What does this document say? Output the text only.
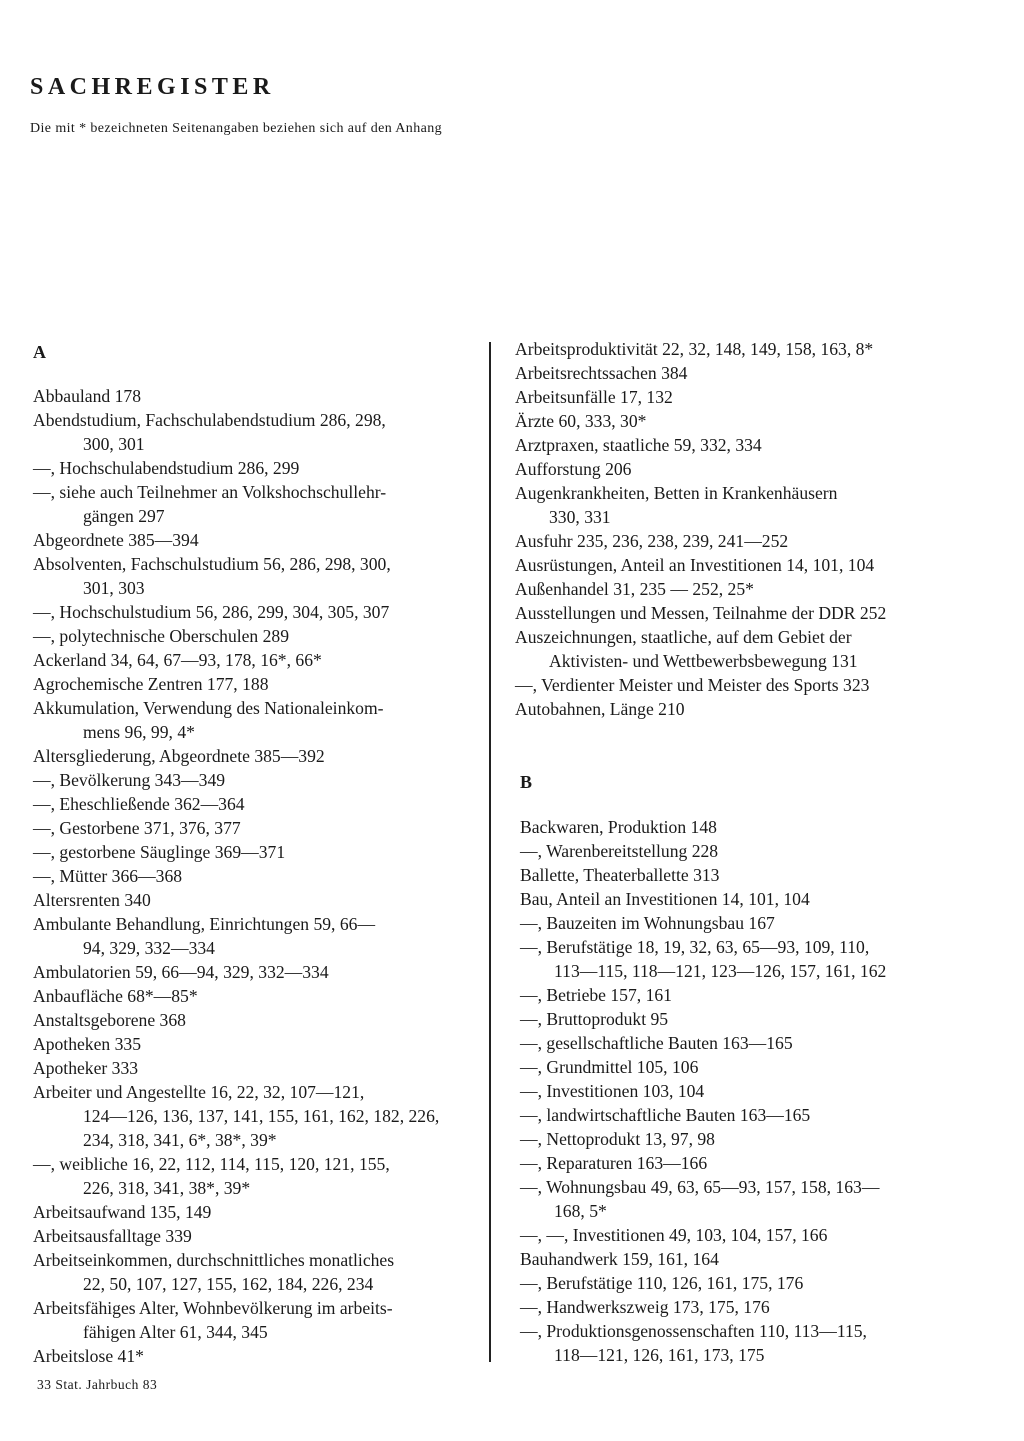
SACHREGISTER
Die mit * bezeichneten Seitenangaben beziehen sich auf den Anhang
A
Abbauland 178
Abendstudium, Fachschulabendstudium 286, 298,
300, 301
—, Hochschulabendstudium 286, 299
—, siehe auch Teilnehmer an Volkshochschullehr-
gängen 297
Abgeordnete 385—394
Absolventen, Fachschulstudium 56, 286, 298, 300,
301, 303
—, Hochschulstudium 56, 286, 299, 304, 305, 307
—, polytechnische Oberschulen 289
Ackerland 34, 64, 67—93, 178, 16*, 66*
Agrochemische Zentren 177, 188
Akkumulation, Verwendung des Nationaleinkom-
mens 96, 99, 4*
Altersgliederung, Abgeordnete 385—392
—, Bevölkerung 343—349
—, Eheschließende 362—364
—, Gestorbene 371, 376, 377
—, gestorbene Säuglinge 369—371
—, Mütter 366—368
Altersrenten 340
Ambulante Behandlung, Einrichtungen 59, 66—
94, 329, 332—334
Ambulatorien 59, 66—94, 329, 332—334
Anbaufläche 68*—85*
Anstaltsgeborene 368
Apotheken 335
Apotheker 333
Arbeiter und Angestellte 16, 22, 32, 107—121,
124—126, 136, 137, 141, 155, 161, 162, 182, 226,
234, 318, 341, 6*, 38*, 39*
—, weibliche 16, 22, 112, 114, 115, 120, 121, 155,
226, 318, 341, 38*, 39*
Arbeitsaufwand 135, 149
Arbeitsausfalltage 339
Arbeitseinkommen, durchschnittliches monatliches
22, 50, 107, 127, 155, 162, 184, 226, 234
Arbeitsfähiges Alter, Wohnbevölkerung im arbeits-
fähigen Alter 61, 344, 345
Arbeitslose 41*
Arbeitsproduktivität 22, 32, 148, 149, 158, 163, 8*
Arbeitsrechtssachen 384
Arbeitsunfälle 17, 132
Ärzte 60, 333, 30*
Arztpraxen, staatliche 59, 332, 334
Aufforstung 206
Augenkrankheiten, Betten in Krankenhäusern
330, 331
Ausfuhr 235, 236, 238, 239, 241—252
Ausrüstungen, Anteil an Investitionen 14, 101, 104
Außenhandel 31, 235 — 252, 25*
Ausstellungen und Messen, Teilnahme der DDR 252
Auszeichnungen, staatliche, auf dem Gebiet der
Aktivisten- und Wettbewerbsbewegung 131
—, Verdienter Meister und Meister des Sports 323
Autobahnen, Länge 210
B
Backwaren, Produktion 148
—, Warenbereitstellung 228
Ballette, Theaterballette 313
Bau, Anteil an Investitionen 14, 101, 104
—, Bauzeiten im Wohnungsbau 167
—, Berufstätige 18, 19, 32, 63, 65—93, 109, 110,
113—115, 118—121, 123—126, 157, 161, 162
—, Betriebe 157, 161
—, Bruttoprodukt 95
—, gesellschaftliche Bauten 163—165
—, Grundmittel 105, 106
—, Investitionen 103, 104
—, landwirtschaftliche Bauten 163—165
—, Nettoprodukt 13, 97, 98
—, Reparaturen 163—166
—, Wohnungsbau 49, 63, 65—93, 157, 158, 163—
168, 5*
—, —, Investitionen 49, 103, 104, 157, 166
Bauhandwerk 159, 161, 164
—, Berufstätige 110, 126, 161, 175, 176
—, Handwerkszweig 173, 175, 176
—, Produktionsgenossenschaften 110, 113—115,
118—121, 126, 161, 173, 175
33 Stat. Jahrbuch 83
